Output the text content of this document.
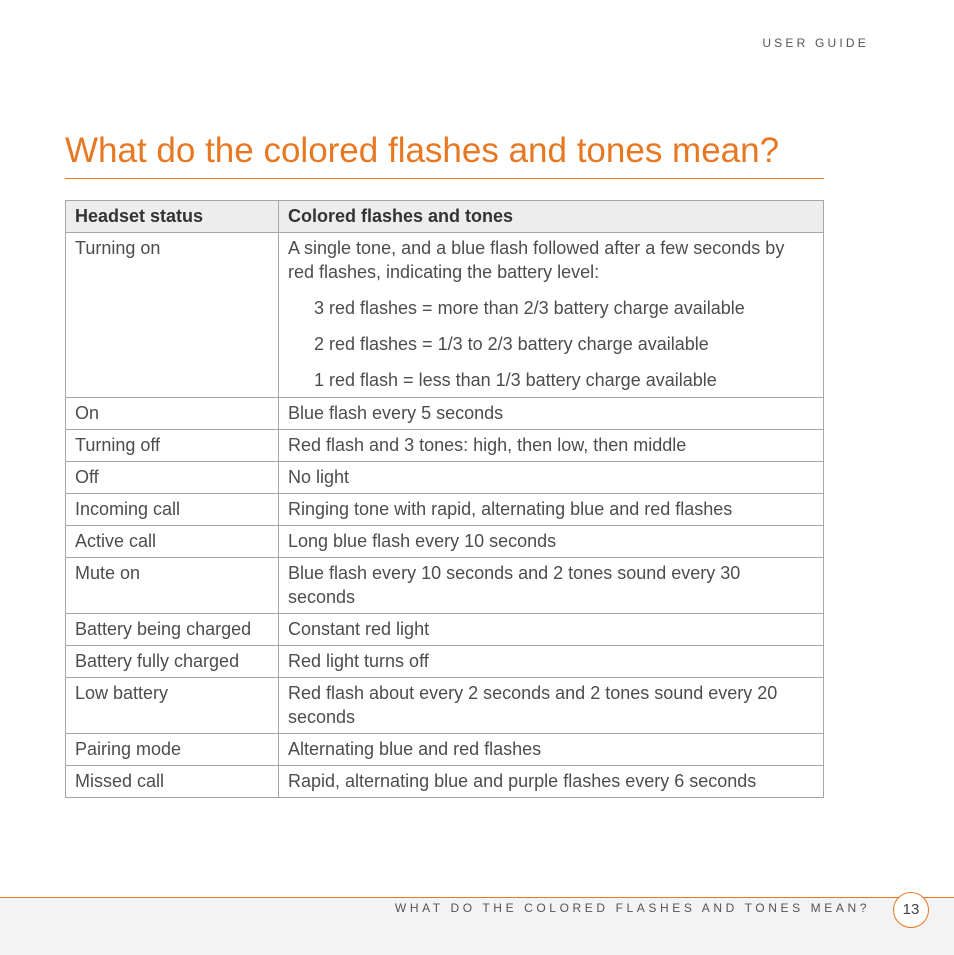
USER GUIDE
What do the colored flashes and tones mean?
Headset status	Colored flashes and tones
Turning on	A single tone, and a blue flash followed after a few seconds by red flashes, indicating the battery level:
3 red flashes = more than 2/3 battery charge available
2 red flashes = 1/3 to 2/3 battery charge available
1 red flash = less than 1/3 battery charge available

On	Blue flash every 5 seconds
Turning off	Red flash and 3 tones: high, then low, then middle
Off	No light
Incoming call	Ringing tone with rapid, alternating blue and red flashes
Active call	Long blue flash every 10 seconds
Mute on	Blue flash every 10 seconds and 2 tones sound every 30 seconds
Battery being charged	Constant red light
Battery fully charged	Red light turns off
Low battery	Red flash about every 2 seconds and 2 tones sound every 20 seconds
Pairing mode	Alternating blue and red flashes
Missed call	Rapid, alternating blue and purple flashes every 6 seconds
WHAT DO THE COLORED FLASHES AND TONES MEAN?	13
